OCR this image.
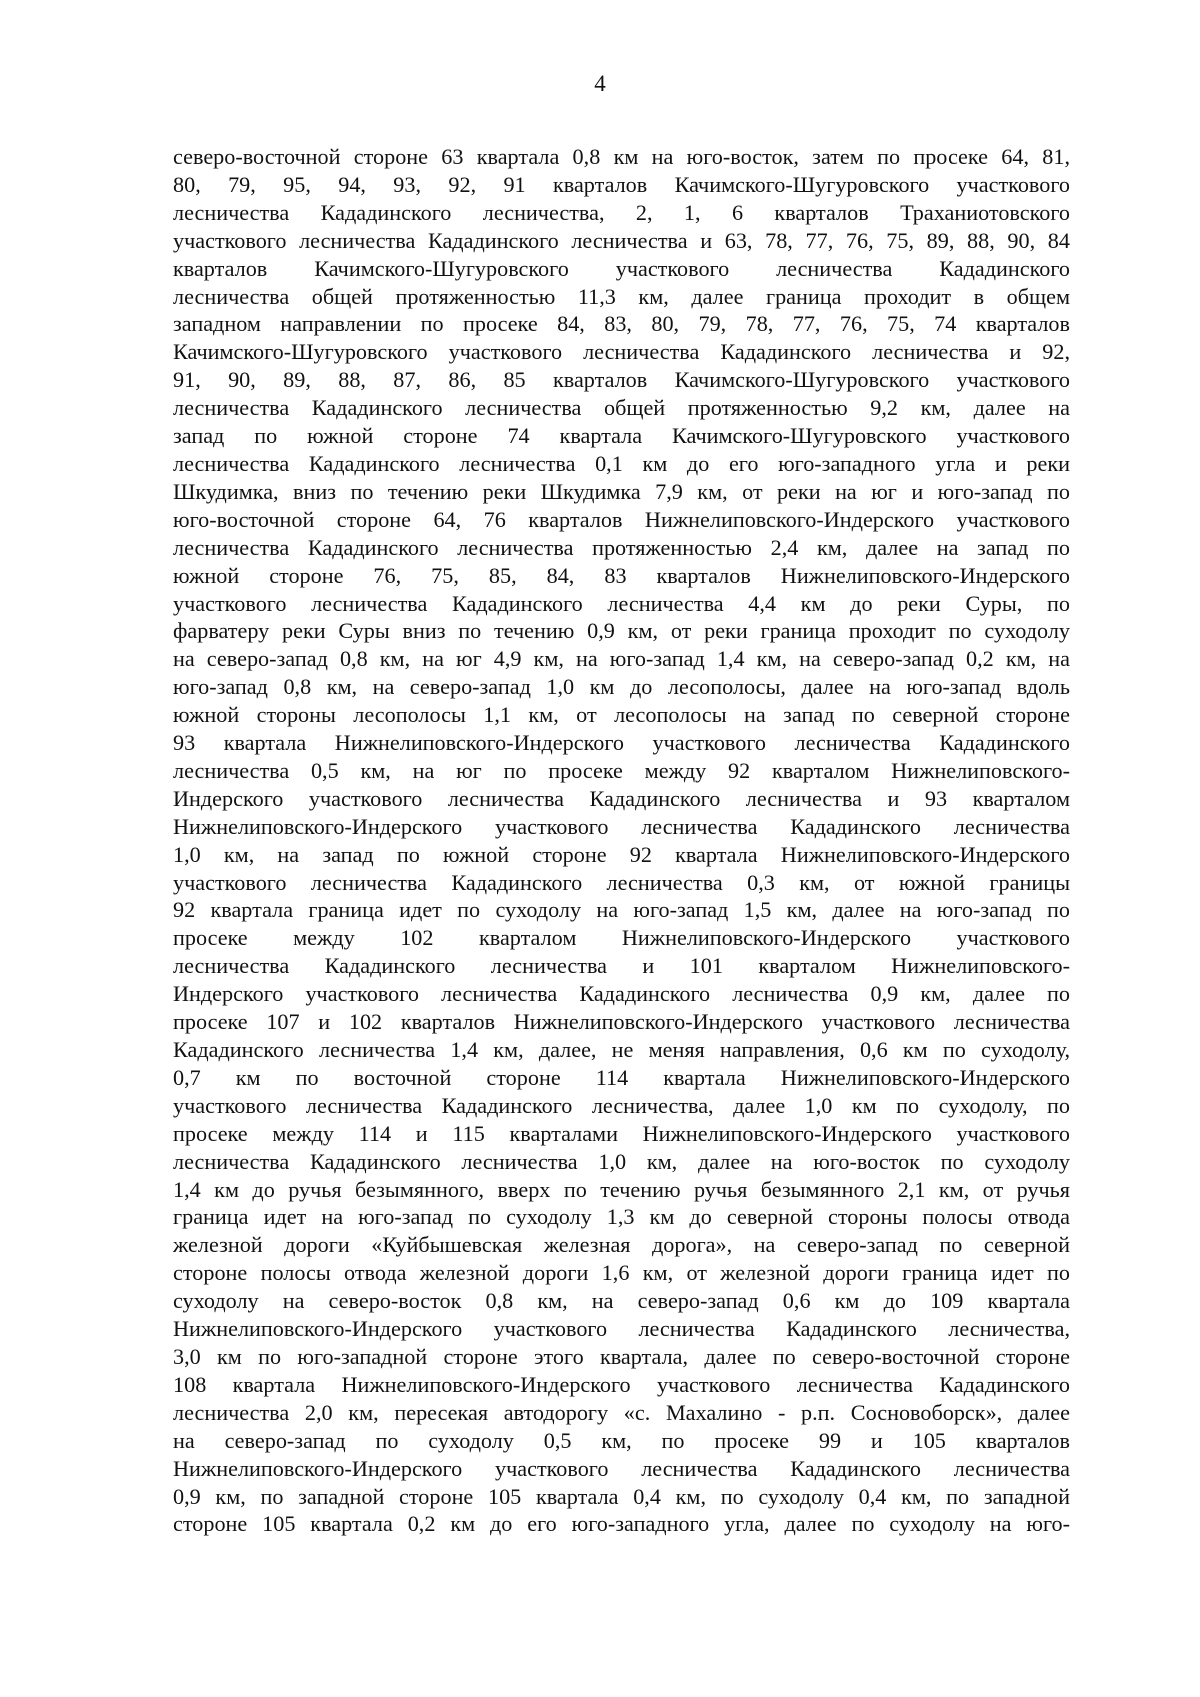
4
северо-восточной стороне 63 квартала 0,8 км на юго-восток, затем по просеке 64, 81,
80, 79, 95, 94, 93, 92, 91 кварталов Качимского-Шугуровского участкового
лесничества Кададинского лесничества, 2, 1, 6 кварталов Траханиотовского
участкового лесничества Кададинского лесничества и 63, 78, 77, 76, 75, 89, 88, 90, 84
кварталов Качимского-Шугуровского участкового лесничества Кададинского
лесничества общей протяженностью 11,3 км, далее граница проходит в общем
западном направлении по просеке 84, 83, 80, 79, 78, 77, 76, 75, 74 кварталов
Качимского-Шугуровского участкового лесничества Кададинского лесничества и 92,
91, 90, 89, 88, 87, 86, 85 кварталов Качимского-Шугуровского участкового
лесничества Кададинского лесничества общей протяженностью 9,2 км, далее на
запад по южной стороне 74 квартала Качимского-Шугуровского участкового
лесничества Кададинского лесничества 0,1 км до его юго-западного угла и реки
Шкудимка, вниз по течению реки Шкудимка 7,9 км, от реки на юг и юго-запад по
юго-восточной стороне 64, 76 кварталов Нижнелиповского-Индерского участкового
лесничества Кададинского лесничества протяженностью 2,4 км, далее на запад по
южной стороне 76, 75, 85, 84, 83 кварталов Нижнелиповского-Индерского
участкового лесничества Кададинского лесничества 4,4 км до реки Суры, по
фарватеру реки Суры вниз по течению 0,9 км, от реки граница проходит по суходолу
на северо-запад 0,8 км, на юг 4,9 км, на юго-запад 1,4 км, на северо-запад 0,2 км, на
юго-запад 0,8 км, на северо-запад 1,0 км до лесополосы, далее на юго-запад вдоль
южной стороны лесополосы 1,1 км, от лесополосы на запад по северной стороне
93 квартала Нижнелиповского-Индерского участкового лесничества Кададинского
лесничества 0,5 км, на юг по просеке между 92 кварталом Нижнелиповского-
Индерского участкового лесничества Кададинского лесничества и 93 кварталом
Нижнелиповского-Индерского участкового лесничества Кададинского лесничества
1,0 км, на запад по южной стороне 92 квартала Нижнелиповского-Индерского
участкового лесничества Кададинского лесничества 0,3 км, от южной границы
92 квартала граница идет по суходолу на юго-запад 1,5 км, далее на юго-запад по
просеке между 102 кварталом Нижнелиповского-Индерского участкового
лесничества Кададинского лесничества и 101 кварталом Нижнелиповского-
Индерского участкового лесничества Кададинского лесничества 0,9 км, далее по
просеке 107 и 102 кварталов Нижнелиповского-Индерского участкового лесничества
Кададинского лесничества 1,4 км, далее, не меняя направления, 0,6 км по суходолу,
0,7 км по восточной стороне 114 квартала Нижнелиповского-Индерского
участкового лесничества Кададинского лесничества, далее 1,0 км по суходолу, по
просеке между 114 и 115 кварталами Нижнелиповского-Индерского участкового
лесничества Кададинского лесничества 1,0 км, далее на юго-восток по суходолу
1,4 км до ручья безымянного, вверх по течению ручья безымянного 2,1 км, от ручья
граница идет на юго-запад по суходолу 1,3 км до северной стороны полосы отвода
железной дороги «Куйбышевская железная дорога», на северо-запад по северной
стороне полосы отвода железной дороги 1,6 км, от железной дороги граница идет по
суходолу на северо-восток 0,8 км, на северо-запад 0,6 км до 109 квартала
Нижнелиповского-Индерского участкового лесничества Кададинского лесничества,
3,0 км по юго-западной стороне этого квартала, далее по северо-восточной стороне
108 квартала Нижнелиповского-Индерского участкового лесничества Кададинского
лесничества 2,0 км, пересекая автодорогу «с. Махалино - р.п. Сосновоборск», далее
на северо-запад по суходолу 0,5 км, по просеке 99 и 105 кварталов
Нижнелиповского-Индерского участкового лесничества Кададинского лесничества
0,9 км, по западной стороне 105 квартала 0,4 км, по суходолу 0,4 км, по западной
стороне 105 квартала 0,2 км до его юго-западного угла, далее по суходолу на юго-
